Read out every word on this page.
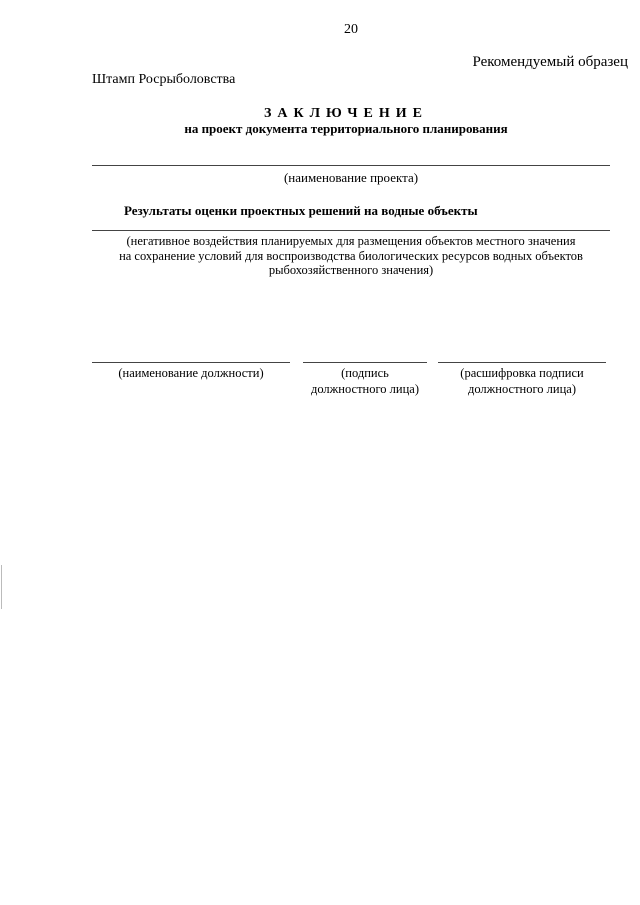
20
Рекомендуемый образец
Штамп Росрыболовства
ЗАКЛЮЧЕНИЕ
на проект документа территориального планирования
(наименование проекта)
Результаты оценки проектных решений на водные объекты
(негативное воздействия планируемых для размещения объектов местного значения
на сохранение условий для воспроизводства биологических ресурсов водных объектов
рыбохозяйственного значения)
(наименование должности)	(подпись
должностного лица)
(расшифровка подписи
должностного лица)
